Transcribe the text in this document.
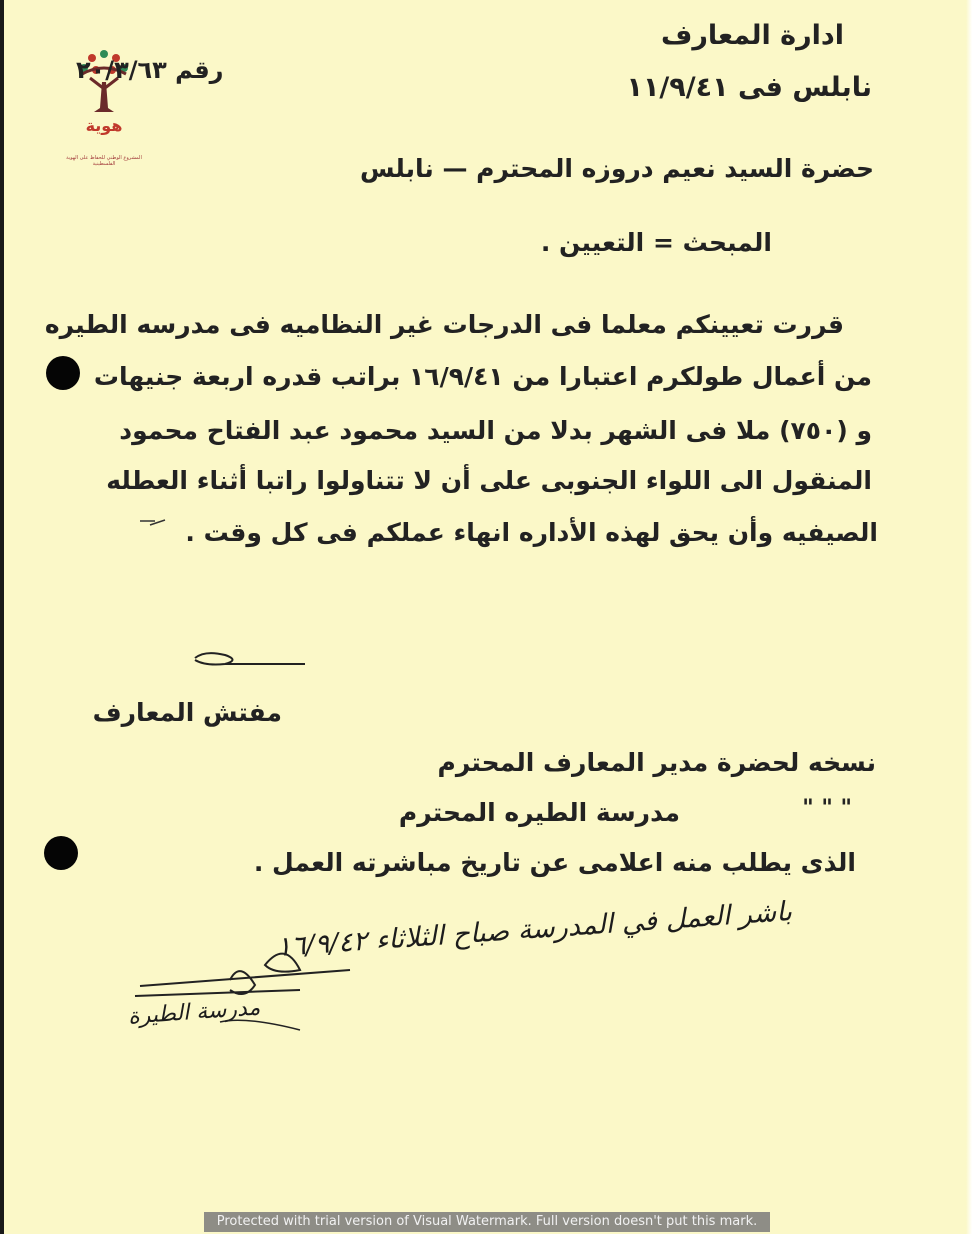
هوية
المشروع الوطني للحفاظ على الهوية الفلسطينية
ادارة المعارف
نابلس فى ١١/٩/٤١
رقم ٢٠/٣/٦٣
حضرة السيد نعيم دروزه المحترم — نابلس
المبحث = التعيين .
قررت تعيينكم معلما فى الدرجات غير النظاميه فى مدرسه الطيره
من أعمال طولكرم اعتبارا من ١٦/٩/٤١ براتب قدره اربعة جنيهات
و (٧٥٠) ملا فى الشهر بدلا من السيد محمود عبد الفتاح محمود
المنقول الى اللواء الجنوبى على أن لا تتناولوا راتبا أثناء العطله
الصيفيه وأن يحق لهذه الأداره انهاء عملكم فى كل وقت .
مفتش المعارف
نسخه لحضرة مدير المعارف المحترم
" " "
مدرسة الطيره المحترم
الذى يطلب منه اعلامى عن تاريخ مباشرته العمل .
باشر العمل في المدرسة صباح الثلاثاء ١٦/٩/٤٢
مدرسة الطيرة
Protected with trial version of Visual Watermark. Full version doesn't put this mark.
